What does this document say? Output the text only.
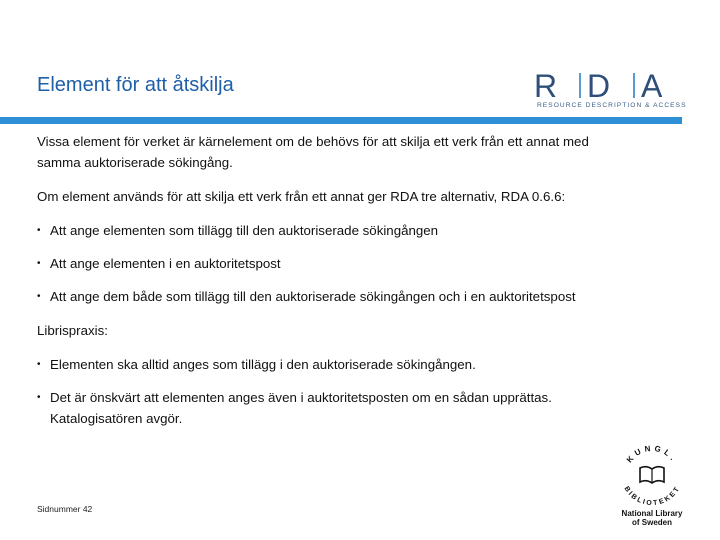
Element för att åtskilja	R D A
RESOURCE DESCRIPTION & ACCESS

Vissa element för verket är kärnelement om de behövs för att skilja ett verk från ett annat med samma auktoriserade sökingång.

Om element används för att skilja ett verk från ett annat ger RDA tre alternativ, RDA 0.6.6:

• Att ange elementen som tillägg till den auktoriserade sökingången

• Att ange elementen i en auktoritetspost

• Att ange dem både som tillägg till den auktoriserade sökingången och i en auktoritetspost

Librispraxis:

• Elementen ska alltid anges som tillägg i den auktoriserade sökingången.

• Det är önskvärt att elementen anges även i auktoritetsposten om en sådan upprättas. Katalogisatören avgör.

Sidnummer 42
KUNGL.
BIBLIOTEKET
National Library
of Sweden
